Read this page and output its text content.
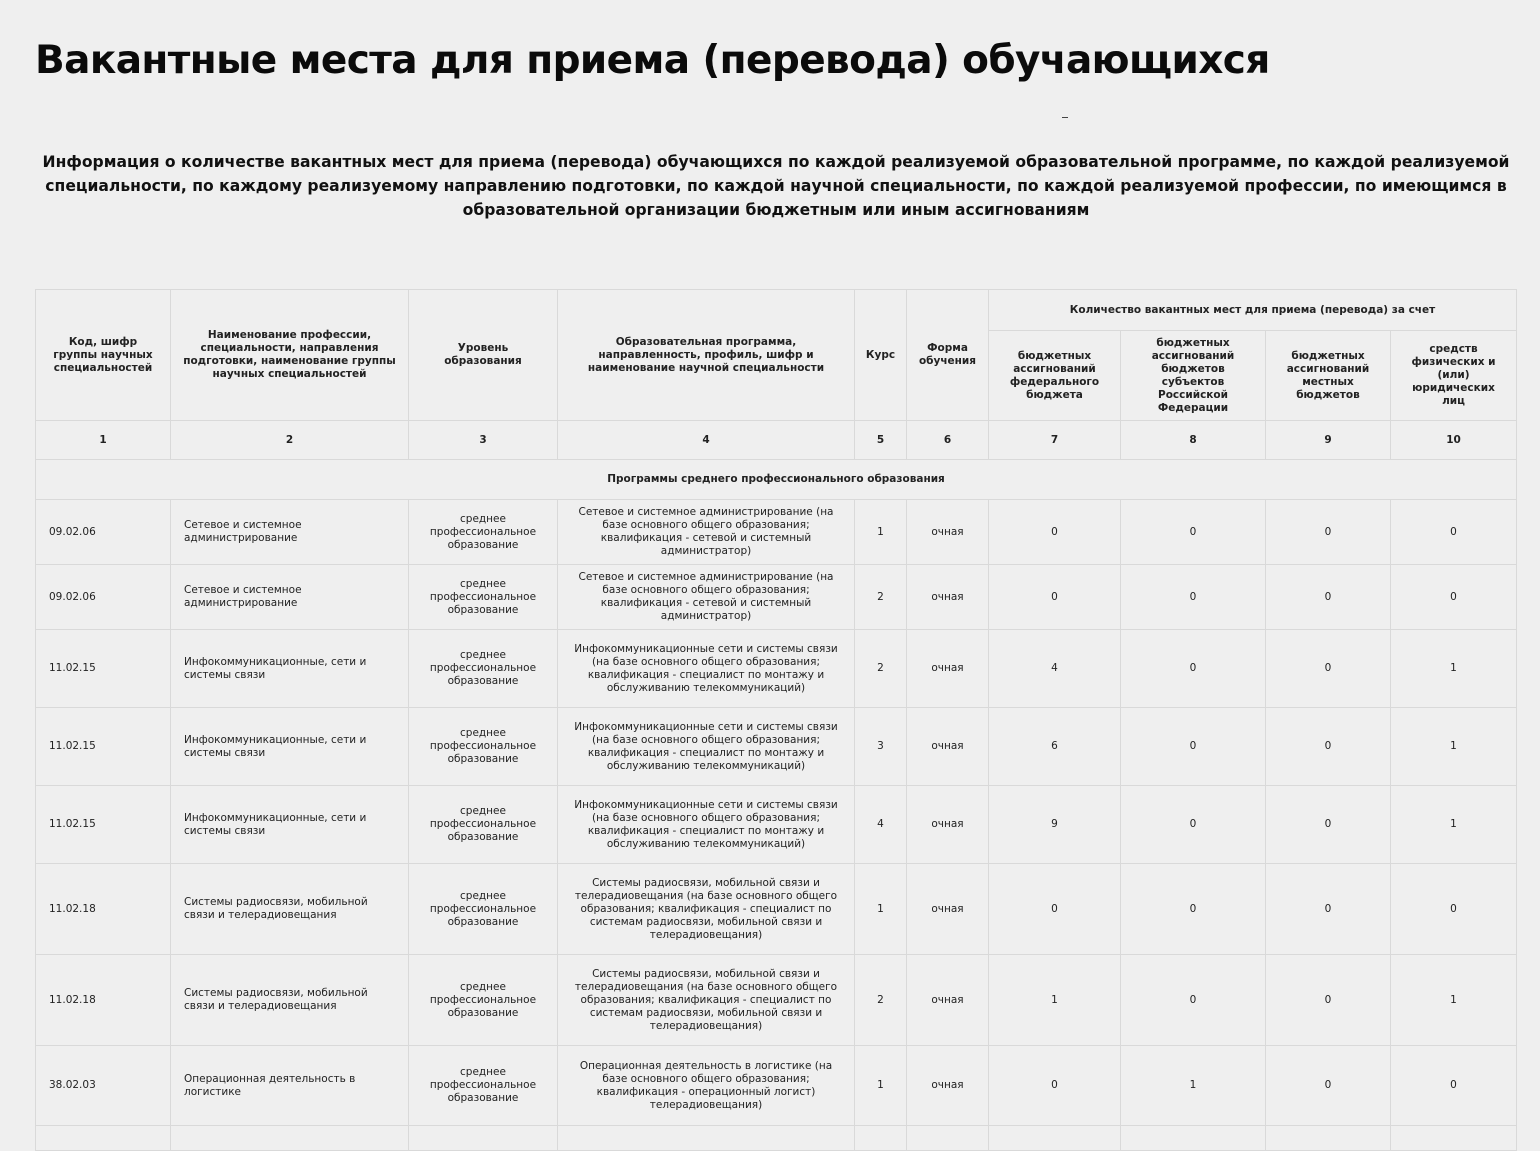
Вакантные места для приема (перевода) обучающихся

Информация о количестве вакантных мест для приема (перевода) обучающихся по каждой реализуемой образовательной программе, по каждой реализуемой специальности, по каждому реализуемому направлению подготовки, по каждой научной специальности, по каждой реализуемой профессии, по имеющимся в образовательной организации бюджетным или иным ассигнованиям

Код, шифр группы научных специальностей	Наименование профессии, специальности, направления подготовки, наименование группы научных специальностей	Уровень образования	Образовательная программа, направленность, профиль, шифр и наименование научной специальности	Курс	Форма обучения	Количество вакантных мест для приема (перевода) за счет			
						бюджетных ассигнований федерального бюджета	бюджетных ассигнований бюджетов субъектов Российской Федерации	бюджетных ассигнований местных бюджетов	средств физических и (или) юридических лиц
1	2	3	4	5	6	7	8	9	10
Программы среднего профессионального образования									
09.02.06	Сетевое и системное администрирование	среднее профессиональное образование	Сетевое и системное администрирование (на базе основного общего образования; квалификация - сетевой и системный администратор)	1	очная	0	0	0	0
09.02.06	Сетевое и системное администрирование	среднее профессиональное образование	Сетевое и системное администрирование (на базе основного общего образования; квалификация - сетевой и системный администратор)	2	очная	0	0	0	0
11.02.15	Инфокоммуникационные, сети и системы связи	среднее профессиональное образование	Инфокоммуникационные сети и системы связи (на базе основного общего образования; квалификация - специалист по монтажу и обслуживанию телекоммуникаций)	2	очная	4	0	0	1
11.02.15	Инфокоммуникационные, сети и системы связи	среднее профессиональное образование	Инфокоммуникационные сети и системы связи (на базе основного общего образования; квалификация - специалист по монтажу и обслуживанию телекоммуникаций)	3	очная	6	0	0	1
11.02.15	Инфокоммуникационные, сети и системы связи	среднее профессиональное образование	Инфокоммуникационные сети и системы связи (на базе основного общего образования; квалификация - специалист по монтажу и обслуживанию телекоммуникаций)	4	очная	9	0	0	1
11.02.18	Системы радиосвязи, мобильной связи и телерадиовещания	среднее профессиональное образование	Системы радиосвязи, мобильной связи и телерадиовещания (на базе основного общего образования; квалификация - специалист по системам радиосвязи, мобильной связи и телерадиовещания)	1	очная	0	0	0	0
11.02.18	Системы радиосвязи, мобильной связи и телерадиовещания	среднее профессиональное образование	Системы радиосвязи, мобильной связи и телерадиовещания (на базе основного общего образования; квалификация - специалист по системам радиосвязи, мобильной связи и телерадиовещания)	2	очная	1	0	0	1
38.02.03	Операционная деятельность в логистике	среднее профессиональное образование	Операционная деятельность в логистике (на базе основного общего образования; квалификация - операционный логист) телерадиовещания)	1	очная	0	1	0	0
